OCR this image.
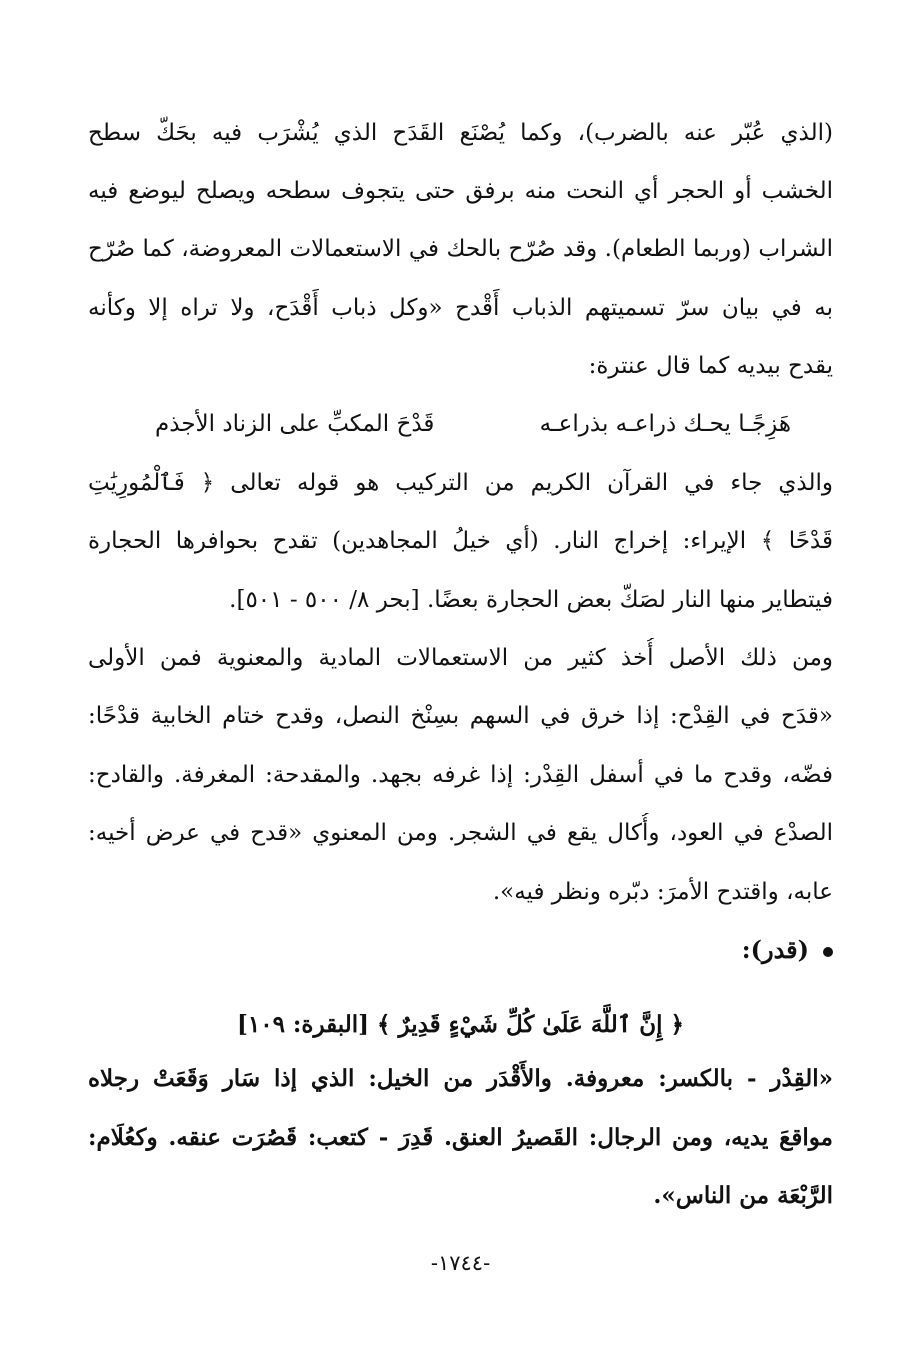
(الذي عُبّر عنه بالضرب)، وكما يُصْنَع القَدَح الذي يُشْرَب فيه بحَكّ سطح
الخشب أو الحجر أي النحت منه برفق حتى يتجوف سطحه ويصلح ليوضع فيه
الشراب (وربما الطعام). وقد صُرّح بالحك في الاستعمالات المعروضة، كما صُرّح
به في بيان سرّ تسميتهم الذباب أَقْدح «وكل ذباب أَقْدَح، ولا تراه إلا وكأنه
يقدح بيديه كما قال عنترة:
هَزِجًـا يحـك ذراعـه بذراعـه
قَدْحَ المكبِّ على الزناد الأجذم
والذي جاء في القرآن الكريم من التركيب هو قوله تعالى ﴿ فَٱلْمُورِيَٰتِ
قَدْحًا ﴾ الإيراء: إخراج النار. (أي خيلُ المجاهدين) تقدح بحوافرها الحجارة
فيتطاير منها النار لصَكّ بعض الحجارة بعضًا. [بحر ٨/ ٥٠٠ - ٥٠١].
ومن ذلك الأصل أُخذ كثير من الاستعمالات المادية والمعنوية فمن الأولى
«قدَح في القِدْح: إذا خرق في السهم بسِنْخ النصل، وقدح ختام الخابية قدْحًا:
فضّه، وقدح ما في أسفل القِدْر: إذا غرفه بجهد. والمقدحة: المغرفة. والقادح:
الصدْع في العود، وأُكال يقع في الشجر. ومن المعنوي «قدح في عرض أخيه:
عابه، واقتدح الأمرَ: دبّره ونظر فيه».
(قدر):
﴿ إِنَّ ٱللَّهَ عَلَىٰ كُلِّ شَيْءٍ قَدِيرٌ ﴾ [البقرة: ١٠٩]
«القِدْر - بالكسر: معروفة. والأَقْدَر من الخيل: الذي إذا سَار وَقَعَتْ رجلاه
مواقعَ يديه، ومن الرجال: القَصيرُ العنق. قَدِرَ - كتعب: قَصُرَت عنقه. وكعُلَام:
الرَّبْعَة من الناس».
-١٧٤٤-
